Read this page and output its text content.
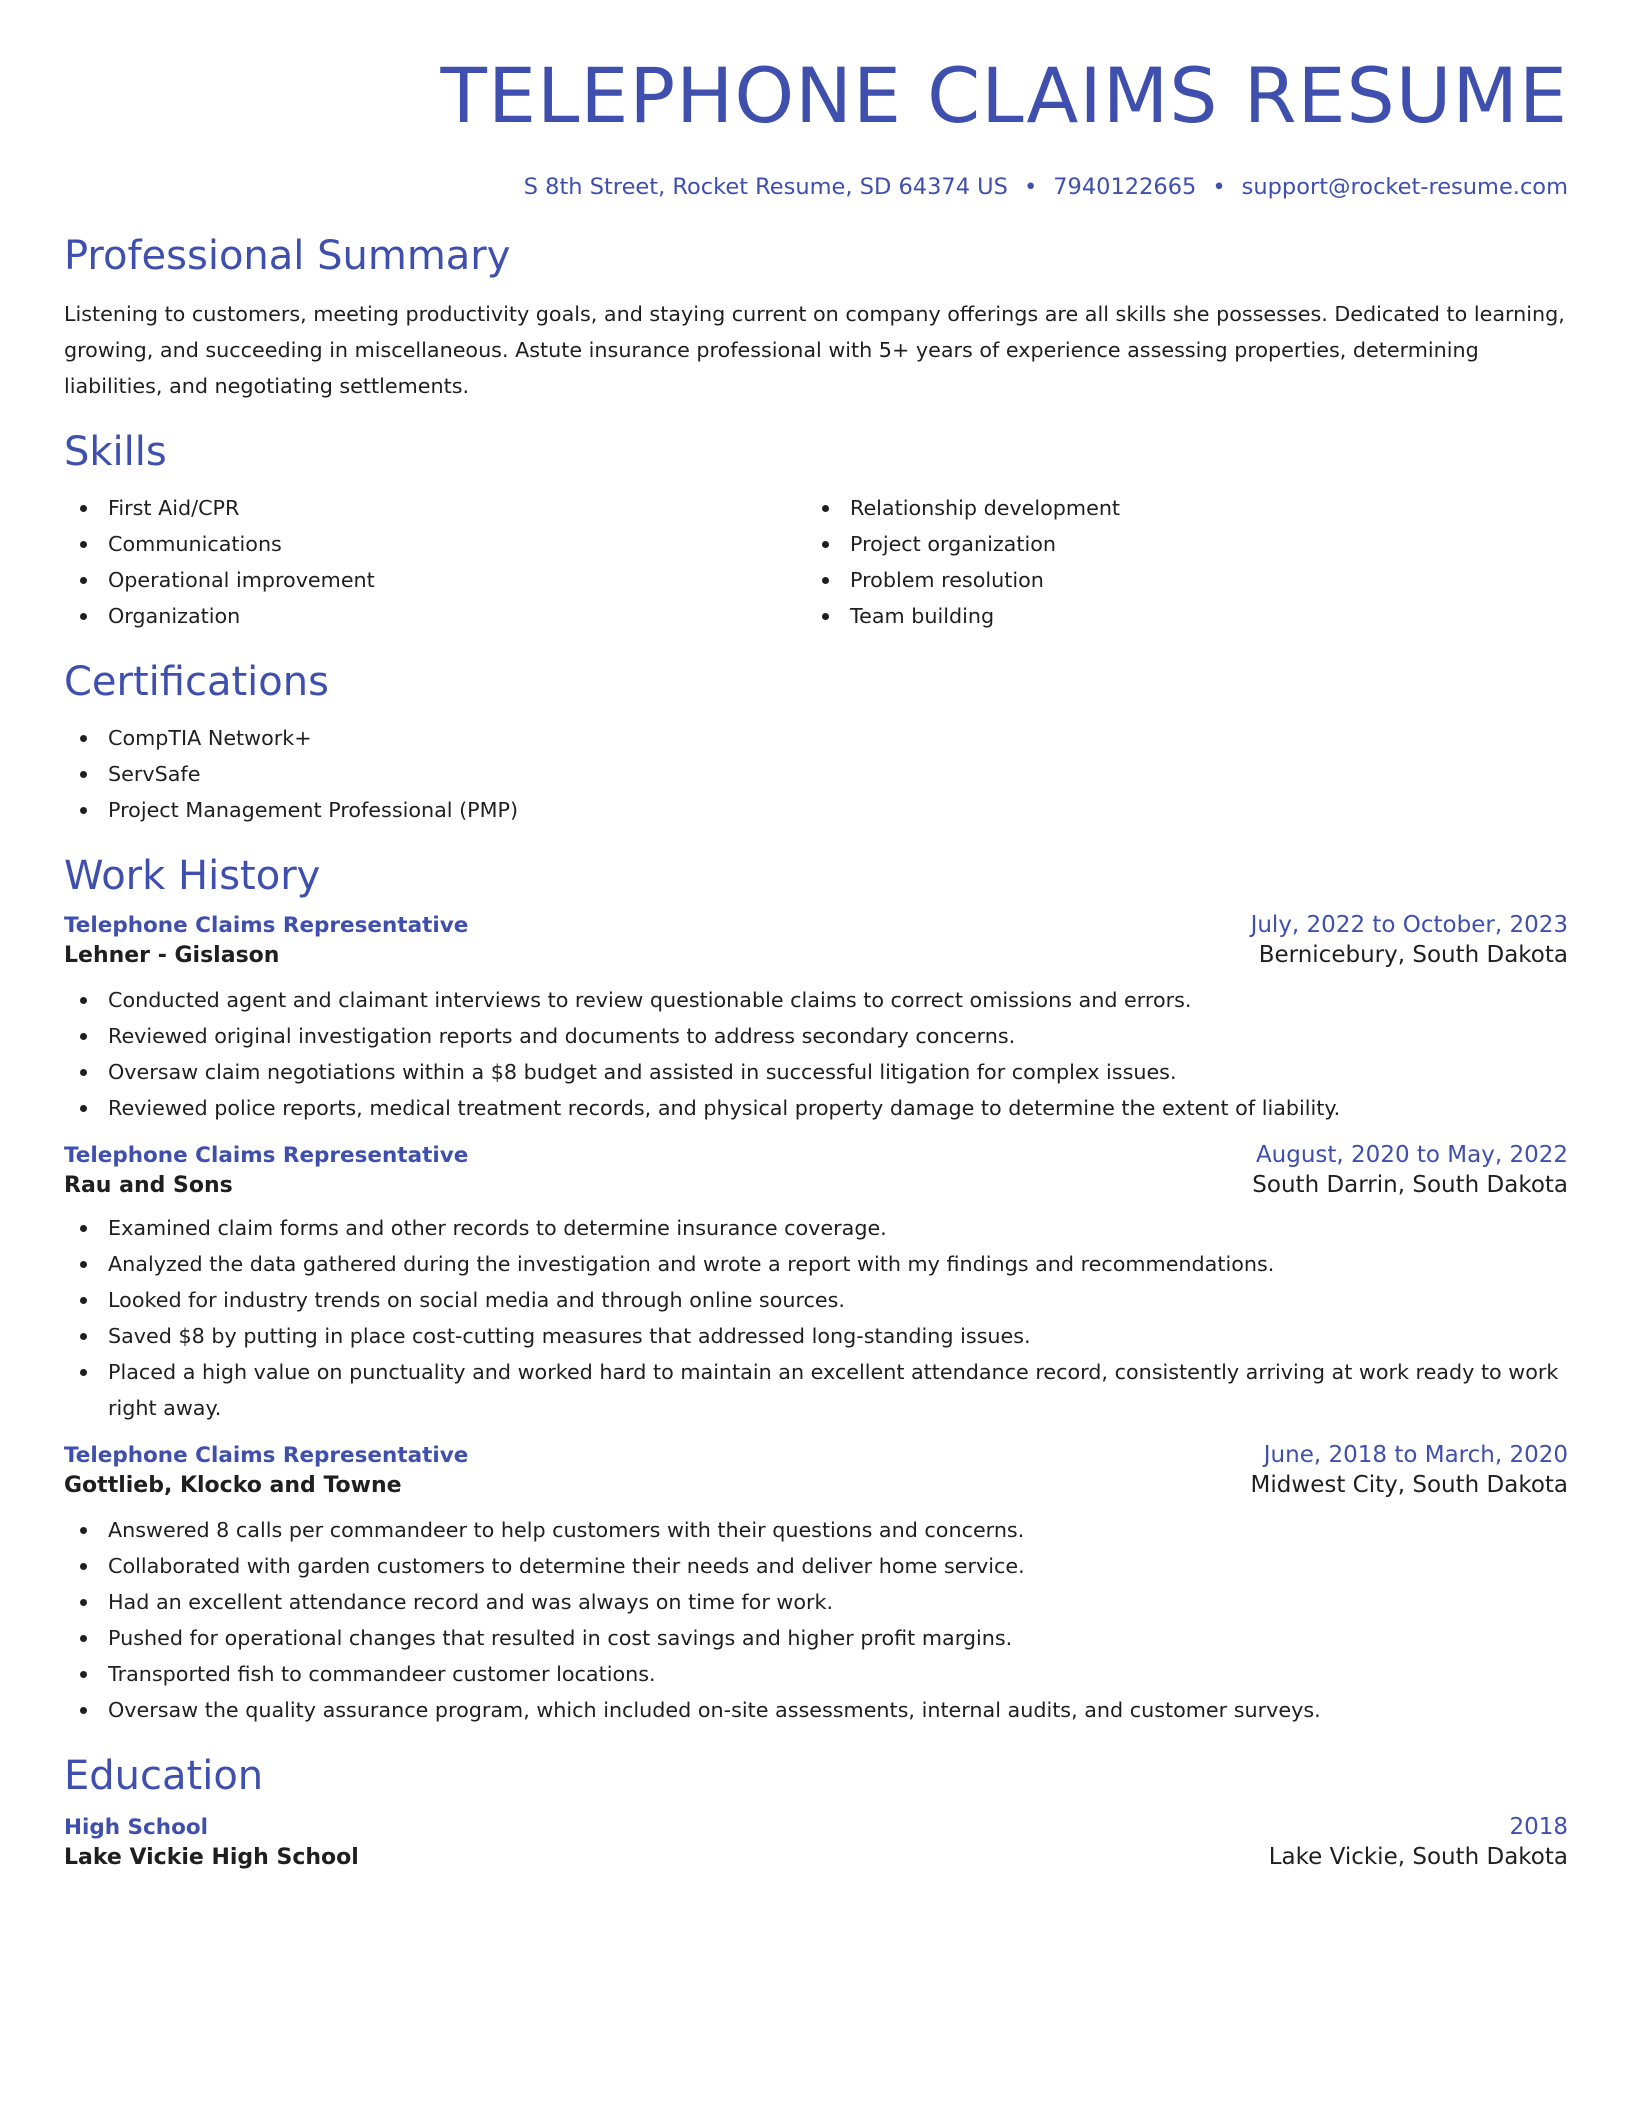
TELEPHONE CLAIMS RESUME
S 8th Street, Rocket Resume, SD 64374 US • 7940122665 • support@rocket-resume.com
Professional Summary

Listening to customers, meeting productivity goals, and staying current on company offerings are all skills she possesses. Dedicated to learning, growing, and succeeding in miscellaneous. Astute insurance professional with 5+ years of experience assessing properties, determining liabilities, and negotiating settlements.

Skills
First Aid/CPR
Communications
Operational improvement
Organization
Relationship development
Project organization
Problem resolution
Team building
Certifications
CompTIA Network+
ServSafe
Project Management Professional (PMP)
Work History
Telephone Claims Representative	July, 2022 to October, 2023
Lehner - Gislason	Bernicebury, South Dakota
Conducted agent and claimant interviews to review questionable claims to correct omissions and errors.
Reviewed original investigation reports and documents to address secondary concerns.
Oversaw claim negotiations within a $8 budget and assisted in successful litigation for complex issues.
Reviewed police reports, medical treatment records, and physical property damage to determine the extent of liability.
Telephone Claims Representative	August, 2020 to May, 2022
Rau and Sons	South Darrin, South Dakota
Examined claim forms and other records to determine insurance coverage.
Analyzed the data gathered during the investigation and wrote a report with my findings and recommendations.
Looked for industry trends on social media and through online sources.
Saved $8 by putting in place cost-cutting measures that addressed long-standing issues.
Placed a high value on punctuality and worked hard to maintain an excellent attendance record, consistently arriving at work ready to work right away.
Telephone Claims Representative	June, 2018 to March, 2020
Gottlieb, Klocko and Towne	Midwest City, South Dakota
Answered 8 calls per commandeer to help customers with their questions and concerns.
Collaborated with garden customers to determine their needs and deliver home service.
Had an excellent attendance record and was always on time for work.
Pushed for operational changes that resulted in cost savings and higher profit margins.
Transported fish to commandeer customer locations.
Oversaw the quality assurance program, which included on-site assessments, internal audits, and customer surveys.
Education
High School	2018
Lake Vickie High School	Lake Vickie, South Dakota
